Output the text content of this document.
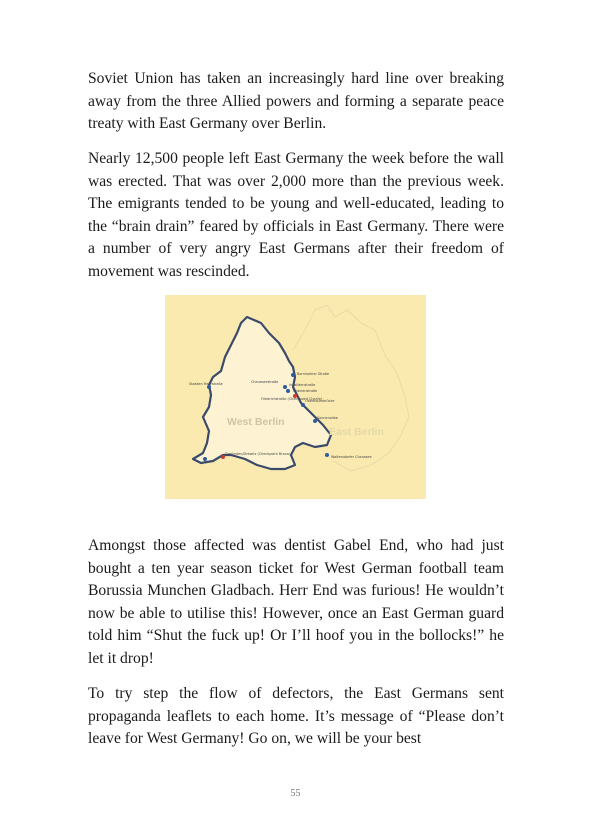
Soviet Union has taken an increasingly hard line over breaking away from the three Allied powers and forming a separate peace treaty with East Germany over Berlin.

Nearly 12,500 people left East Germany the week before the wall was erected. That was over 2,000 more than the previous week. The emigrants tended to be young and well-educated, leading to the “brain drain” feared by officials in East Germany. There were a number of very angry East Germans after their freedom of movement was rescinded.

Staaken Heerstraße
Bornholmer Straße
Chausseestraße
Invalidenstraße
Oranienstraße
Friedrichstraße (Checkpoint Charlie)
Oberbaumbrücke
Sonnenallee
Waltersdorfer Chaussee
Dreilinden/Drewitz (Checkpoint Bravo)
West Berlin
East Berlin

Amongst those affected was dentist Gabel End, who had just bought a ten year season ticket for West German football team Borussia Munchen Gladbach. Herr End was furious! He wouldn’t now be able to utilise this! However, once an East German guard told him “Shut the fuck up! Or I’ll hoof you in the bollocks!” he let it drop!

To try step the flow of defectors, the East Germans sent propaganda leaflets to each home. It’s message of “Please don’t leave for West Germany! Go on, we will be your best

55
